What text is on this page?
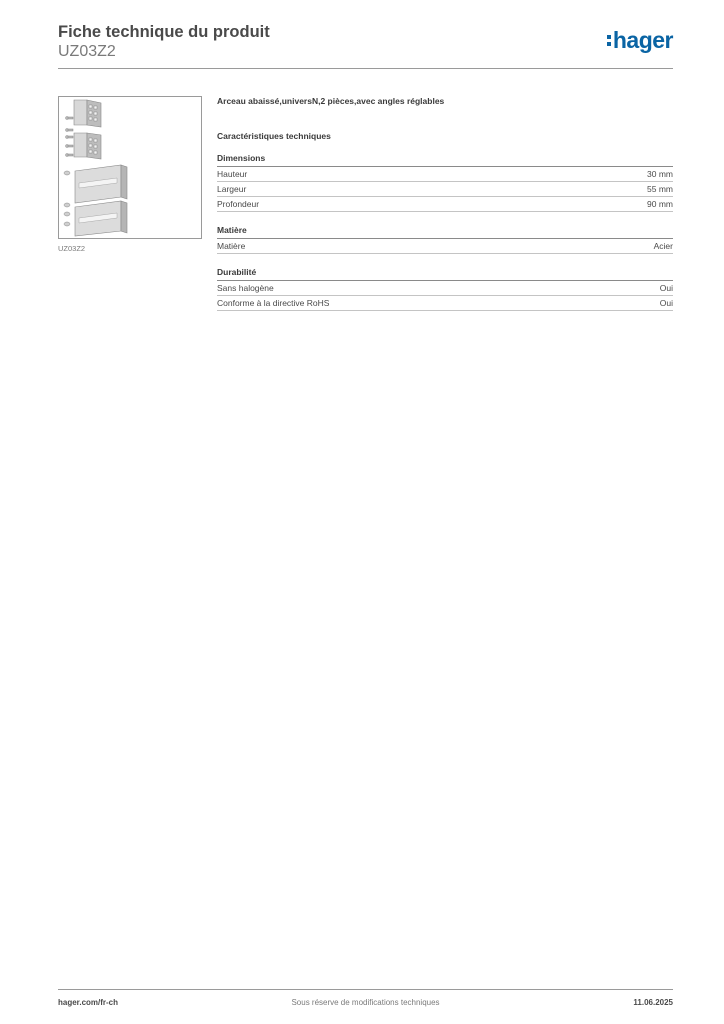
Fiche technique du produit
UZ03Z2	hager
UZ03Z2
Arceau abaissé,universN,2 pièces,avec angles réglables
Caractéristiques techniques
Dimensions
Hauteur	30 mm
Largeur	55 mm
Profondeur	90 mm
Matière
Matière	Acier
Durabilité
Sans halogène	Oui
Conforme à la directive RoHS	Oui
hager.com/fr-ch	Sous réserve de modifications techniques	11.06.2025
